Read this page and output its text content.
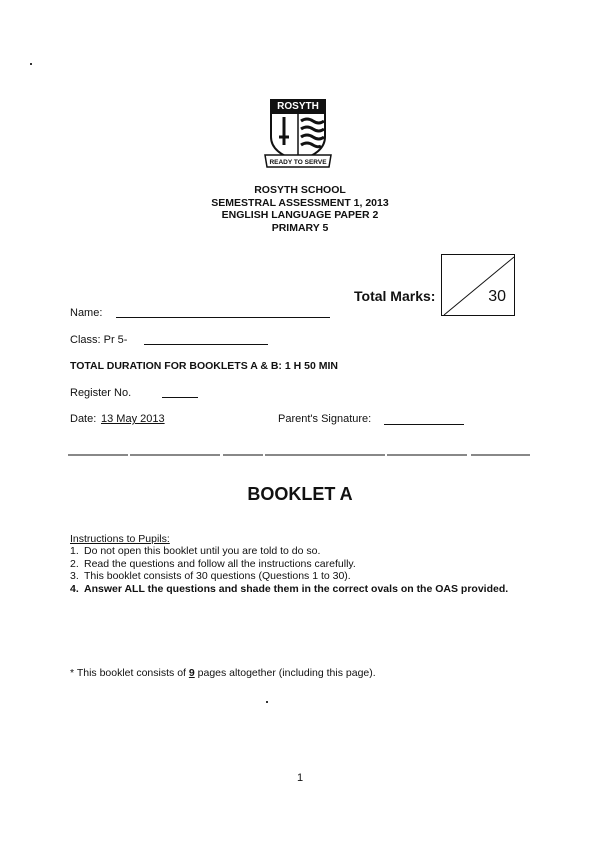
ROSYTH
READY TO SERVE
ROSYTH SCHOOL
SEMESTRAL ASSESSMENT 1, 2013
ENGLISH LANGUAGE PAPER 2
PRIMARY 5
Total Marks:	30
Name:
Class: Pr 5-
TOTAL DURATION FOR BOOKLETS A & B: 1 H 50 MIN
Register No.
Date: 13 May 2013	Parent's Signature:
BOOKLET A
Instructions to Pupils:
1. Do not open this booklet until you are told to do so.
2. Read the questions and follow all the instructions carefully.
3. This booklet consists of 30 questions (Questions 1 to 30).
4. Answer ALL the questions and shade them in the correct ovals on the OAS provided.
* This booklet consists of 9 pages altogether (including this page).
1
